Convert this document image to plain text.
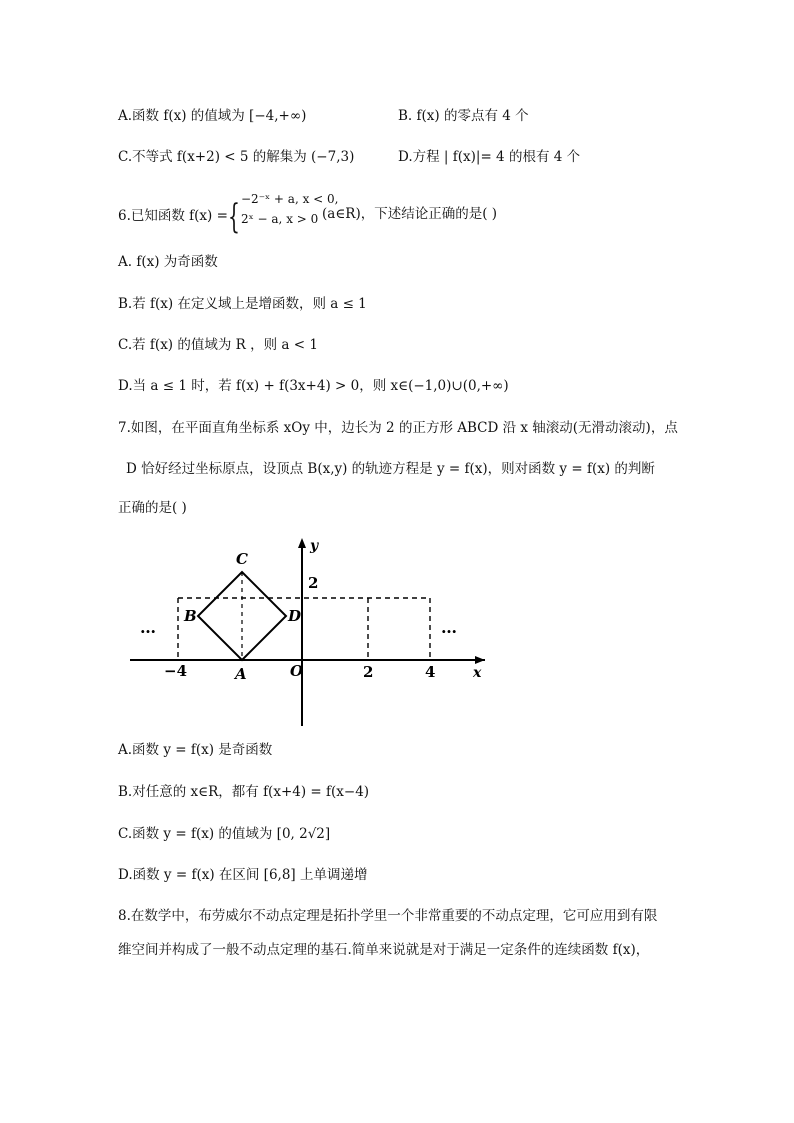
A.函数 f(x) 的值域为 [−4,+∞)	B. f(x) 的零点有 4 个
C.不等式 f(x+2) < 5 的解集为 (−7,3)	D.方程 | f(x)|= 4 的根有 4 个
6.已知函数 f(x) = { −2⁻ˣ + a, x < 0,
2ˣ − a, x > 0 (a∈R)，下述结论正确的是( )
A. f(x) 为奇函数
B.若 f(x) 在定义域上是增函数，则 a ≤ 1
C.若 f(x) 的值域为 R ，则 a < 1
D.当 a ≤ 1 时，若 f(x) + f(3x+4) > 0，则 x∈(−1,0)∪(0,+∞)
7.如图，在平面直角坐标系 xOy 中，边长为 2 的正方形 ABCD 沿 x 轴滚动(无滑动滚动)，点
D 恰好经过坐标原点，设顶点 B(x,y) 的轨迹方程是 y = f(x)，则对函数 y = f(x) 的判断
正确的是( )
C
B	D
A	O
2
y
x
−4	2	4
…	…
A.函数 y = f(x) 是奇函数
B.对任意的 x∈R，都有 f(x+4) = f(x−4)
C.函数 y = f(x) 的值域为 [0, 2√2]
D.函数 y = f(x) 在区间 [6,8] 上单调递增
8.在数学中，布劳威尔不动点定理是拓扑学里一个非常重要的不动点定理，它可应用到有限
维空间并构成了一般不动点定理的基石.简单来说就是对于满足一定条件的连续函数 f(x)，
